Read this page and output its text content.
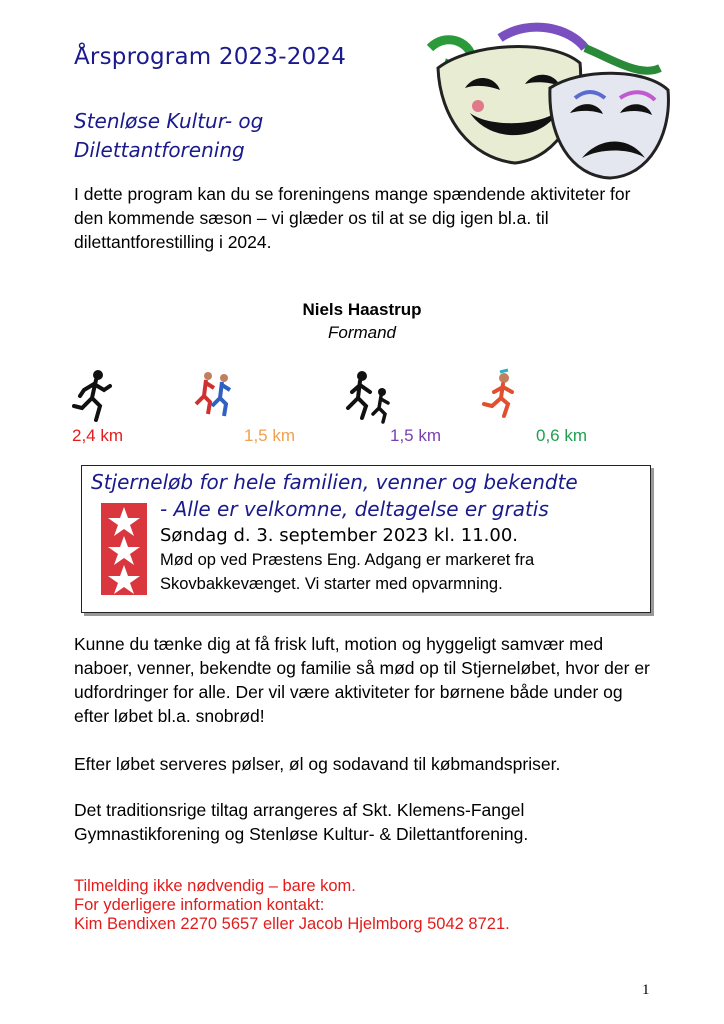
Årsprogram 2023-2024
Stenløse Kultur- og
Dilettantforening
I dette program kan du se foreningens mange spændende aktiviteter for den kommende sæson – vi glæder os til at se dig igen bl.a. til dilettantforestilling i 2024.
Niels Haastrup
Formand
2,4 km	1,5 km	1,5 km	0,6 km
Stjerneløb for hele familien, venner og bekendte
- Alle er velkomne, deltagelse er gratis
Søndag d. 3. september 2023 kl. 11.00.
Mød op ved Præstens Eng. Adgang er markeret fra
Skovbakkevænget. Vi starter med opvarmning.
Kunne du tænke dig at få frisk luft, motion og hyggeligt samvær med naboer, venner, bekendte og familie så mød op til Stjerneløbet, hvor der er udfordringer for alle. Der vil være aktiviteter for børnene både under og efter løbet bl.a. snobrød!
Efter løbet serveres pølser, øl og sodavand til købmandspriser.
Det traditionsrige tiltag arrangeres af Skt. Klemens-Fangel Gymnastikforening og Stenløse Kultur- & Dilettantforening.
Tilmelding ikke nødvendig – bare kom.
For yderligere information kontakt:
Kim Bendixen 2270 5657 eller Jacob Hjelmborg 5042 8721.
1
